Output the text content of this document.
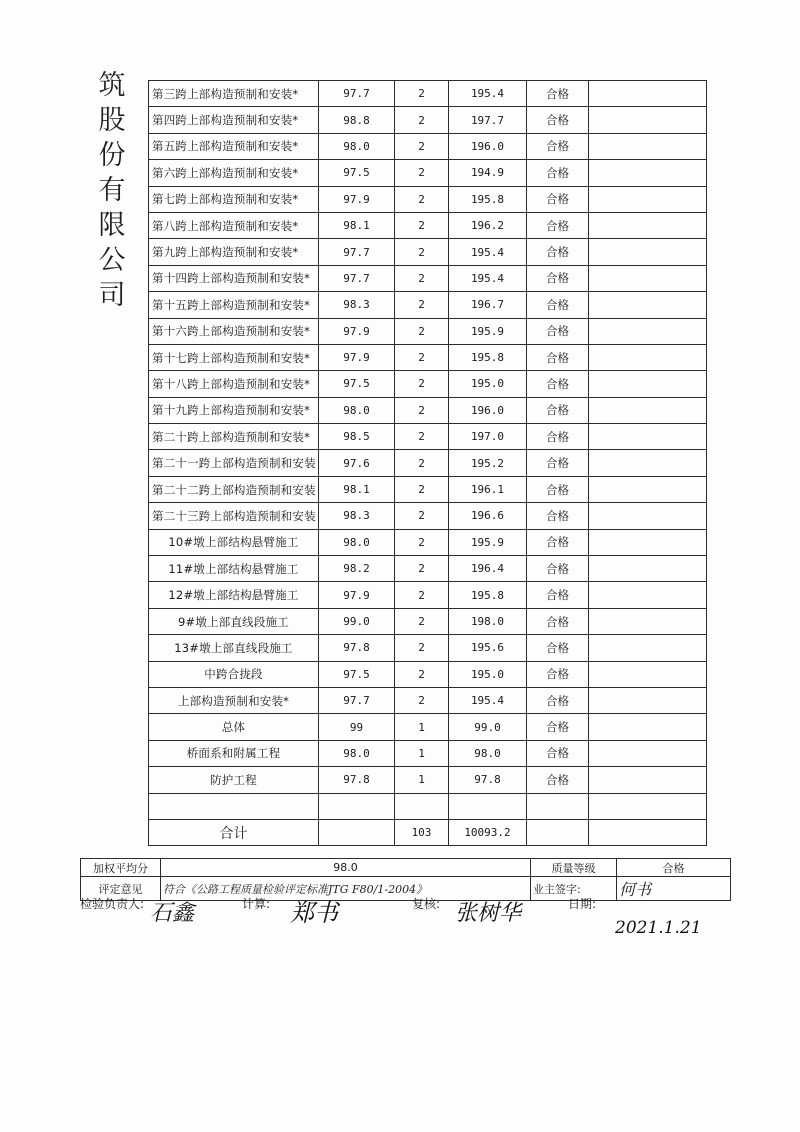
筑
股
份
有
限
公
司
第三跨上部构造预制和安装*	97.7	2	195.4	合格	
第四跨上部构造预制和安装*	98.8	2	197.7	合格	
第五跨上部构造预制和安装*	98.0	2	196.0	合格	
第六跨上部构造预制和安装*	97.5	2	194.9	合格	
第七跨上部构造预制和安装*	97.9	2	195.8	合格	
第八跨上部构造预制和安装*	98.1	2	196.2	合格	
第九跨上部构造预制和安装*	97.7	2	195.4	合格	
第十四跨上部构造预制和安装*	97.7	2	195.4	合格	
第十五跨上部构造预制和安装*	98.3	2	196.7	合格	
第十六跨上部构造预制和安装*	97.9	2	195.9	合格	
第十七跨上部构造预制和安装*	97.9	2	195.8	合格	
第十八跨上部构造预制和安装*	97.5	2	195.0	合格	
第十九跨上部构造预制和安装*	98.0	2	196.0	合格	
第二十跨上部构造预制和安装*	98.5	2	197.0	合格	
第二十一跨上部构造预制和安装	97.6	2	195.2	合格	
第二十二跨上部构造预制和安装	98.1	2	196.1	合格	
第二十三跨上部构造预制和安装	98.3	2	196.6	合格	
10#墩上部结构悬臂施工	98.0	2	195.9	合格	
11#墩上部结构悬臂施工	98.2	2	196.4	合格	
12#墩上部结构悬臂施工	97.9	2	195.8	合格	
9#墩上部直线段施工	99.0	2	198.0	合格	
13#墩上部直线段施工	97.8	2	195.6	合格	
中跨合拢段	97.5	2	195.0	合格	
上部构造预制和安装*	97.7	2	195.4	合格	
总体	99	1	99.0	合格	
桥面系和附属工程	98.0	1	98.0	合格	
防护工程	97.8	1	97.8	合格	

合计		103	10093.2		
加权平均分	98.0	质量等级	合格
评定意见	符合《公路工程质量检验评定标准JTG F80/1-2004》	业主签字:	何书
检验负责人: 石鑫	计算: 郑书	复核: 张树华	日期:
2021.1.21
